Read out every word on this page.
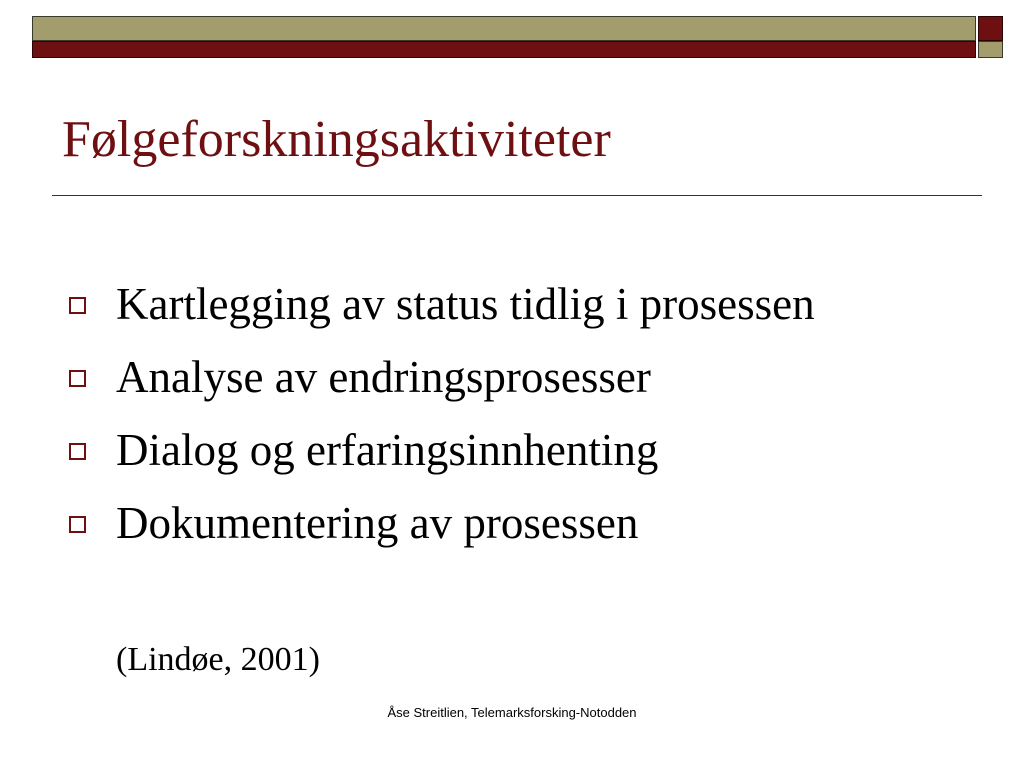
Følgeforskningsaktiviteter
Kartlegging av status tidlig i prosessen
Analyse av endringsprosesser
Dialog og erfaringsinnhenting
Dokumentering av prosessen
(Lindøe, 2001)
Åse Streitlien, Telemarksforsking-Notodden
